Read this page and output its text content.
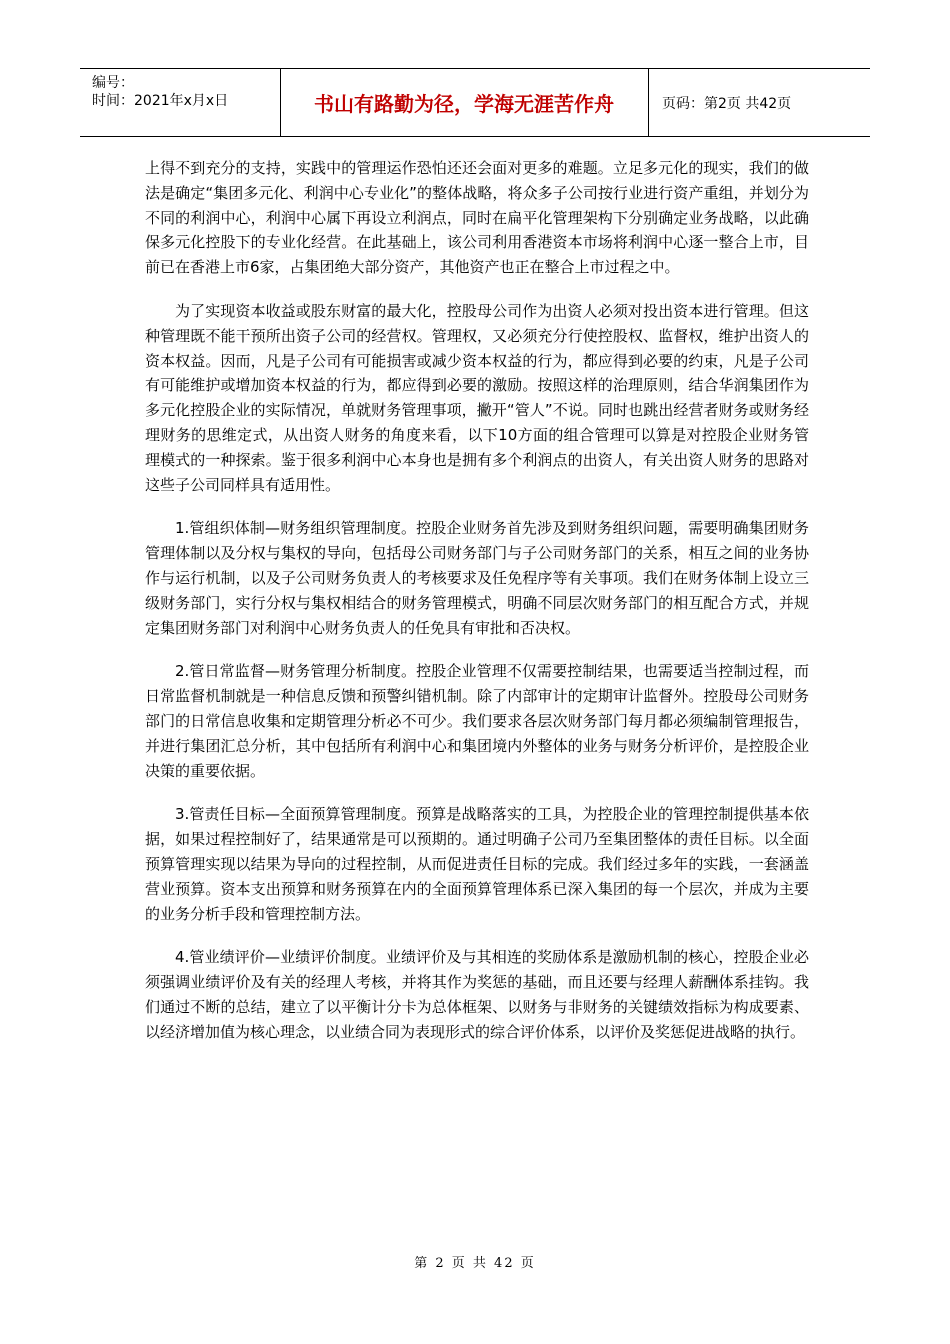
编号：
时间：2021年x月x日	书山有路勤为径，学海无涯苦作舟	页码：第2页 共42页

上得不到充分的支持，实践中的管理运作恐怕还还会面对更多的难题。立足多元化的现实，我们的做法是确定“集团多元化、利润中心专业化”的整体战略，将众多子公司按行业进行资产重组，并划分为不同的利润中心，利润中心属下再设立利润点，同时在扁平化管理架构下分别确定业务战略，以此确保多元化控股下的专业化经营。在此基础上，该公司利用香港资本市场将利润中心逐一整合上市，目前已在香港上市6家，占集团绝大部分资产，其他资产也正在整合上市过程之中。

为了实现资本收益或股东财富的最大化，控股母公司作为出资人必须对投出资本进行管理。但这种管理既不能干预所出资子公司的经营权。管理权，又必须充分行使控股权、监督权，维护出资人的资本权益。因而，凡是子公司有可能损害或减少资本权益的行为，都应得到必要的约束，凡是子公司有可能维护或增加资本权益的行为，都应得到必要的激励。按照这样的治理原则，结合华润集团作为多元化控股企业的实际情况，单就财务管理事项，撇开“管人”不说。同时也跳出经营者财务或财务经理财务的思维定式，从出资人财务的角度来看，以下10方面的组合管理可以算是对控股企业财务管理模式的一种探索。鉴于很多利润中心本身也是拥有多个利润点的出资人，有关出资人财务的思路对这些子公司同样具有适用性。

1.管组织体制—财务组织管理制度。控股企业财务首先涉及到财务组织问题，需要明确集团财务管理体制以及分权与集权的导向，包括母公司财务部门与子公司财务部门的关系，相互之间的业务协作与运行机制，以及子公司财务负责人的考核要求及任免程序等有关事项。我们在财务体制上设立三级财务部门，实行分权与集权相结合的财务管理模式，明确不同层次财务部门的相互配合方式，并规定集团财务部门对利润中心财务负责人的任免具有审批和否决权。

2.管日常监督—财务管理分析制度。控股企业管理不仅需要控制结果，也需要适当控制过程，而日常监督机制就是一种信息反馈和预警纠错机制。除了内部审计的定期审计监督外。控股母公司财务部门的日常信息收集和定期管理分析必不可少。我们要求各层次财务部门每月都必须编制管理报告，并进行集团汇总分析，其中包括所有利润中心和集团境内外整体的业务与财务分析评价，是控股企业决策的重要依据。

3.管责任目标—全面预算管理制度。预算是战略落实的工具，为控股企业的管理控制提供基本依据，如果过程控制好了，结果通常是可以预期的。通过明确子公司乃至集团整体的责任目标。以全面预算管理实现以结果为导向的过程控制，从而促进责任目标的完成。我们经过多年的实践，一套涵盖营业预算。资本支出预算和财务预算在内的全面预算管理体系已深入集团的每一个层次，并成为主要的业务分析手段和管理控制方法。

4.管业绩评价—业绩评价制度。业绩评价及与其相连的奖励体系是激励机制的核心，控股企业必须强调业绩评价及有关的经理人考核，并将其作为奖惩的基础，而且还要与经理人薪酬体系挂钩。我们通过不断的总结，建立了以平衡计分卡为总体框架、以财务与非财务的关键绩效指标为构成要素、以经济增加值为核心理念，以业绩合同为表现形式的综合评价体系，以评价及奖惩促进战略的执行。

第 2 页 共 42 页
